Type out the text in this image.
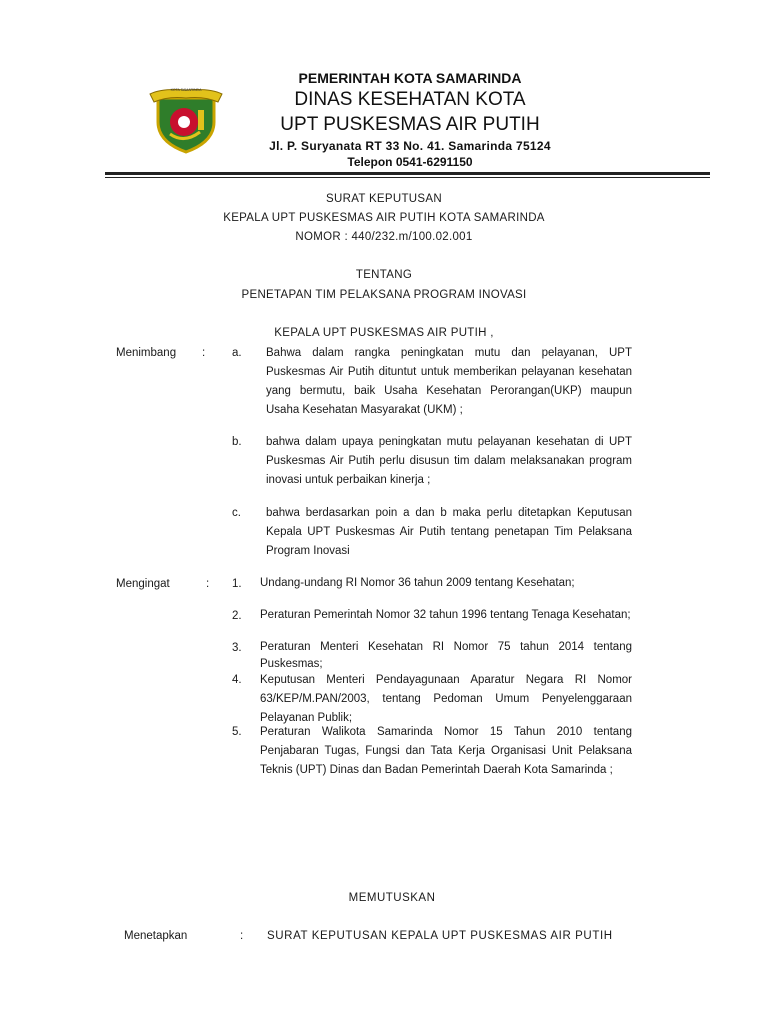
KOTA SAMARINDA
PEMERINTAH KOTA SAMARINDA
DINAS KESEHATAN KOTA
UPT PUSKESMAS AIR PUTIH
Jl. P. Suryanata RT 33 No. 41. Samarinda 75124
Telepon 0541-6291150
SURAT KEPUTUSAN
KEPALA UPT PUSKESMAS AIR PUTIH KOTA SAMARINDA
NOMOR : 440/232.m/100.02.001
TENTANG
PENETAPAN TIM PELAKSANA PROGRAM INOVASI
KEPALA UPT PUSKESMAS AIR PUTIH ,
Menimbang : a. Bahwa dalam rangka peningkatan mutu dan pelayanan, UPT Puskesmas Air Putih dituntut untuk memberikan pelayanan kesehatan yang bermutu, baik Usaha Kesehatan Perorangan(UKP) maupun Usaha Kesehatan Masyarakat (UKM) ;
b. bahwa dalam upaya peningkatan mutu pelayanan kesehatan di UPT Puskesmas Air Putih perlu disusun tim dalam melaksanakan program inovasi untuk perbaikan kinerja ;
c. bahwa berdasarkan poin a dan b maka perlu ditetapkan Keputusan Kepala UPT Puskesmas Air Putih tentang penetapan Tim Pelaksana Program Inovasi
Mengingat	: 1. Undang-undang RI Nomor 36 tahun 2009 tentang Kesehatan;
2. Peraturan Pemerintah Nomor 32 tahun 1996 tentang Tenaga Kesehatan;
3. Peraturan Menteri Kesehatan RI Nomor 75 tahun 2014 tentang Puskesmas;
4. Keputusan Menteri Pendayagunaan Aparatur Negara RI Nomor 63/KEP/M.PAN/2003, tentang Pedoman Umum Penyelenggaraan Pelayanan Publik;
5. Peraturan Walikota Samarinda Nomor 15 Tahun 2010 tentang Penjabaran Tugas, Fungsi dan Tata Kerja Organisasi Unit Pelaksana Teknis (UPT) Dinas dan Badan Pemerintah Daerah Kota Samarinda ;
MEMUTUSKAN
Menetapkan	: SURAT KEPUTUSAN KEPALA UPT PUSKESMAS AIR PUTIH
